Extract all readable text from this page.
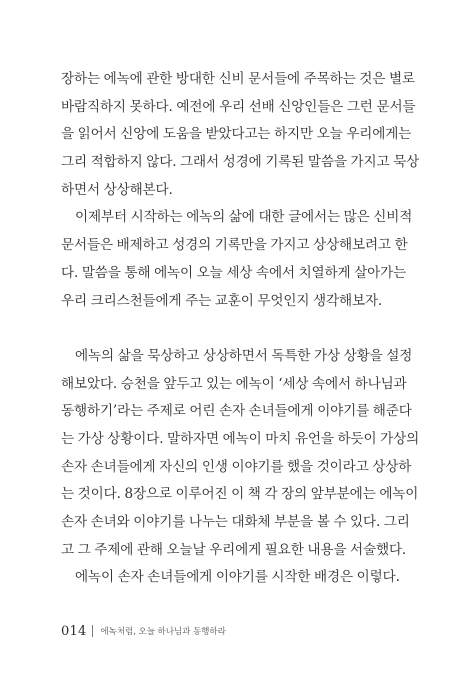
장하는 에녹에 관한 방대한 신비 문서들에 주목하는 것은 별로
바람직하지 못하다. 예전에 우리 선배 신앙인들은 그런 문서들
을 읽어서 신앙에 도움을 받았다고는 하지만 오늘 우리에게는
그리 적합하지 않다. 그래서 성경에 기록된 말씀을 가지고 묵상
하면서 상상해본다.
이제부터 시작하는 에녹의 삶에 대한 글에서는 많은 신비적
문서들은 배제하고 성경의 기록만을 가지고 상상해보려고 한
다. 말씀을 통해 에녹이 오늘 세상 속에서 치열하게 살아가는
우리 크리스천들에게 주는 교훈이 무엇인지 생각해보자.
에녹의 삶을 묵상하고 상상하면서 독특한 가상 상황을 설정
해보았다. 승천을 앞두고 있는 에녹이 ‘세상 속에서 하나님과
동행하기’라는 주제로 어린 손자 손녀들에게 이야기를 해준다
는 가상 상황이다. 말하자면 에녹이 마치 유언을 하듯이 가상의
손자 손녀들에게 자신의 인생 이야기를 했을 것이라고 상상하
는 것이다. 8장으로 이루어진 이 책 각 장의 앞부분에는 에녹이
손자 손녀와 이야기를 나누는 대화체 부분을 볼 수 있다. 그리
고 그 주제에 관해 오늘날 우리에게 필요한 내용을 서술했다.
에녹이 손자 손녀들에게 이야기를 시작한 배경은 이렇다.
014 에녹처럼, 오늘 하나님과 동행하라
